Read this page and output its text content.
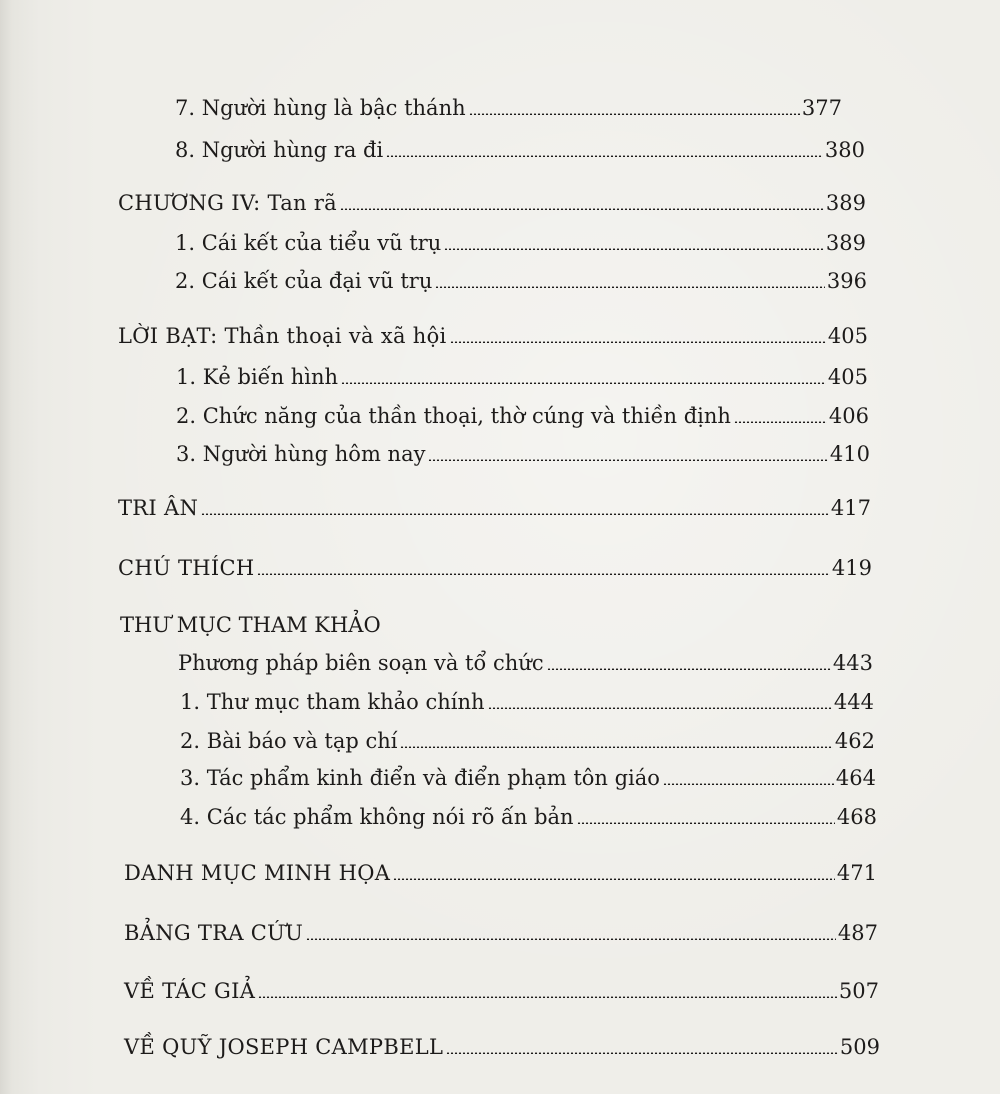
7. Người hùng là bậc thánh	377
8. Người hùng ra đi	380
CHƯƠNG IV: Tan rã	389
1. Cái kết của tiểu vũ trụ	389
2. Cái kết của đại vũ trụ	396
LỜI BẠT: Thần thoại và xã hội	405
1. Kẻ biến hình	405
2. Chức năng của thần thoại, thờ cúng và thiền định	406
3. Người hùng hôm nay	410
TRI ÂN	417
CHÚ THÍCH	419
THƯ MỤC THAM KHẢO
Phương pháp biên soạn và tổ chức	443
1. Thư mục tham khảo chính	444
2. Bài báo và tạp chí	462
3. Tác phẩm kinh điển và điển phạm tôn giáo	464
4. Các tác phẩm không nói rõ ấn bản	468
DANH MỤC MINH HỌA	471
BẢNG TRA CỨU	487
VỀ TÁC GIẢ	507
VỀ QUỸ JOSEPH CAMPBELL	509
